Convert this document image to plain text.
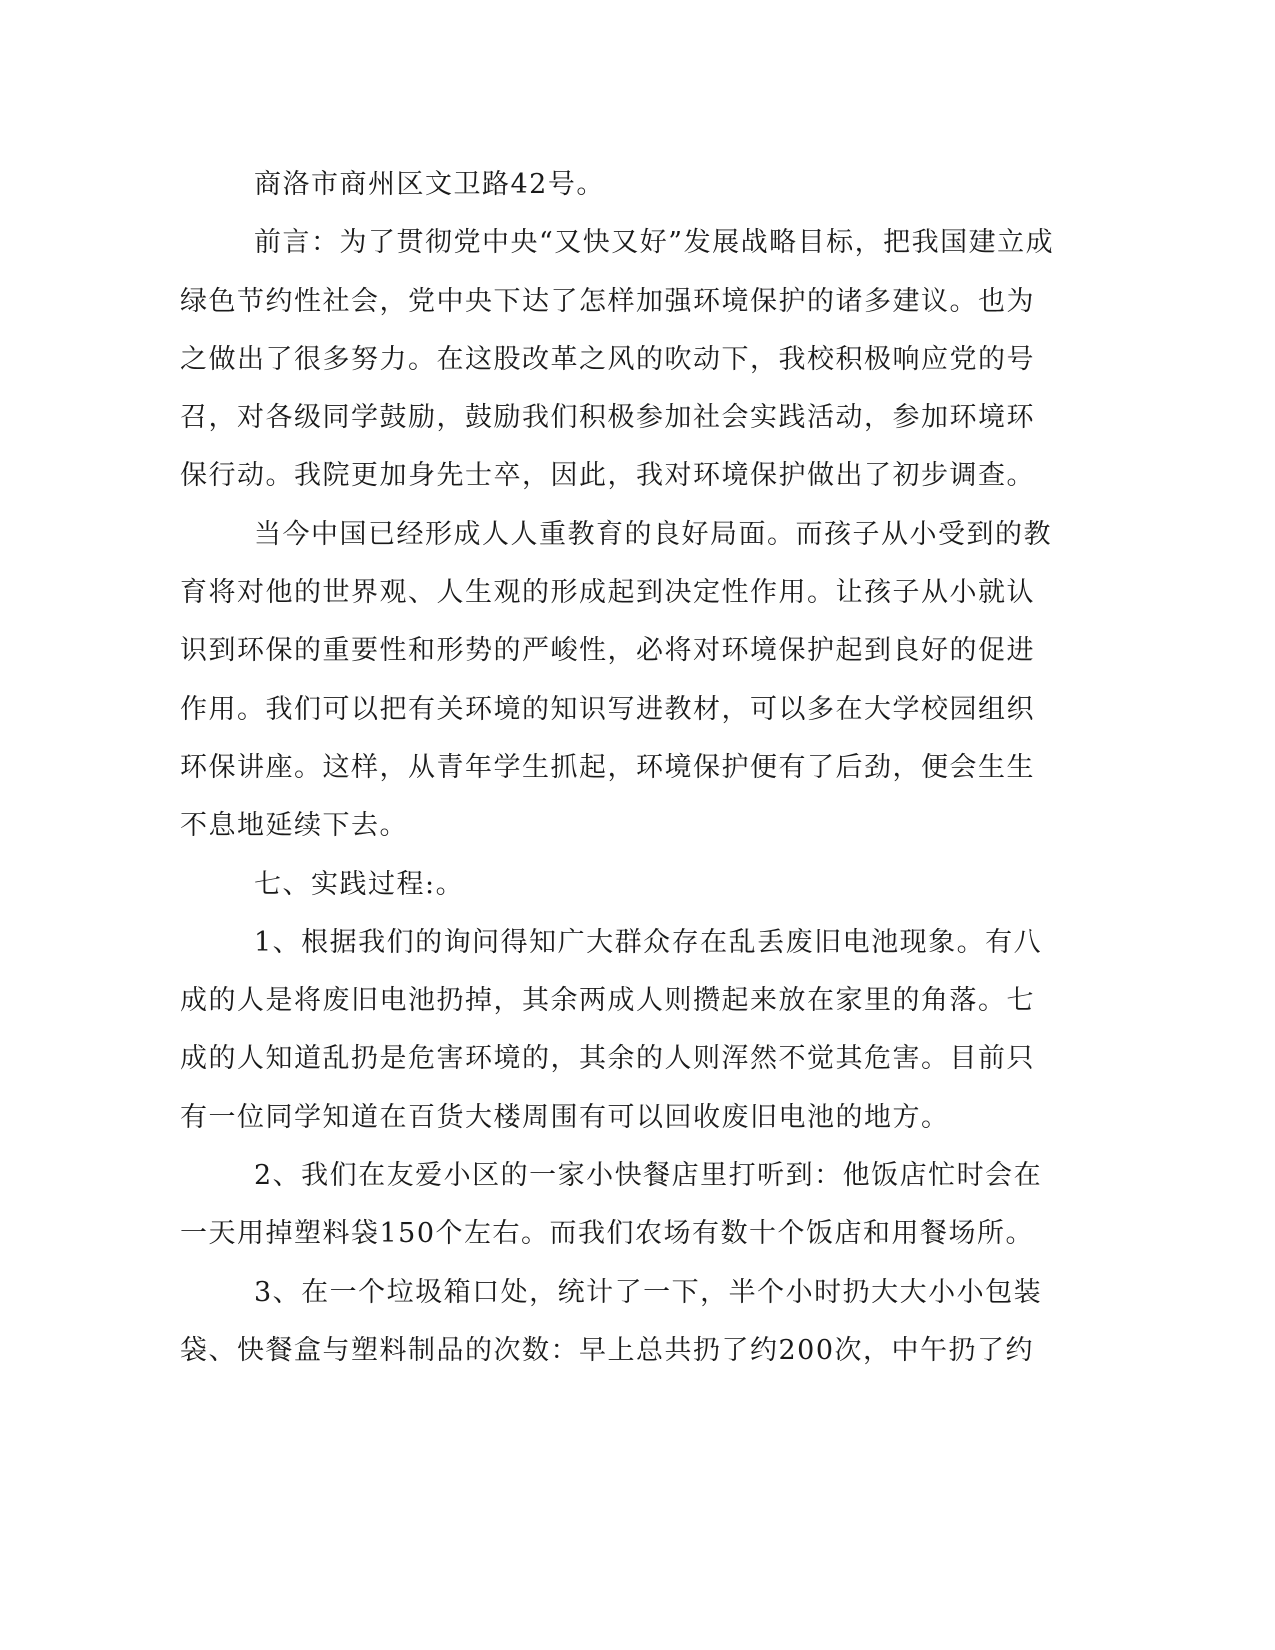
商洛市商州区文卫路42号。
前言：为了贯彻党中央“又快又好”发展战略目标，把我国建立成
绿色节约性社会，党中央下达了怎样加强环境保护的诸多建议。也为
之做出了很多努力。在这股改革之风的吹动下，我校积极响应党的号
召，对各级同学鼓励，鼓励我们积极参加社会实践活动，参加环境环
保行动。我院更加身先士卒，因此，我对环境保护做出了初步调查。
当今中国已经形成人人重教育的良好局面。而孩子从小受到的教
育将对他的世界观、人生观的形成起到决定性作用。让孩子从小就认
识到环保的重要性和形势的严峻性，必将对环境保护起到良好的促进
作用。我们可以把有关环境的知识写进教材，可以多在大学校园组织
环保讲座。这样，从青年学生抓起，环境保护便有了后劲，便会生生
不息地延续下去。
七、实践过程:。
1、根据我们的询问得知广大群众存在乱丢废旧电池现象。有八
成的人是将废旧电池扔掉，其余两成人则攒起来放在家里的角落。七
成的人知道乱扔是危害环境的，其余的人则浑然不觉其危害。目前只
有一位同学知道在百货大楼周围有可以回收废旧电池的地方。
2、我们在友爱小区的一家小快餐店里打听到：他饭店忙时会在
一天用掉塑料袋150个左右。而我们农场有数十个饭店和用餐场所。
3、在一个垃圾箱口处，统计了一下，半个小时扔大大小小包装
袋、快餐盒与塑料制品的次数：早上总共扔了约200次，中午扔了约
